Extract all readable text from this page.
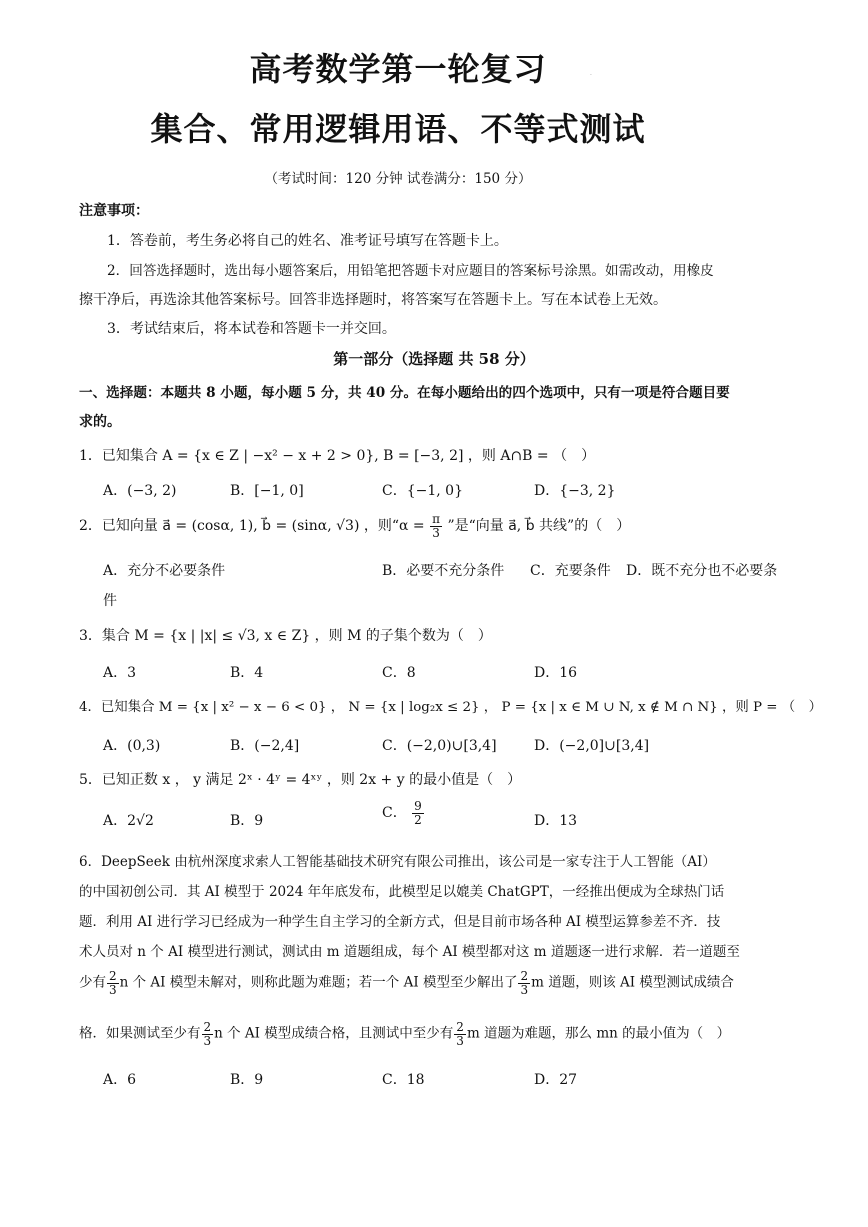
高考数学第一轮复习	·
集合、常用逻辑用语、不等式测试
（考试时间：120 分钟 试卷满分：150 分）
注意事项：
1．答卷前，考生务必将自己的姓名、准考证号填写在答题卡上。
2．回答选择题时，选出每小题答案后，用铅笔把答题卡对应题目的答案标号涂黑。如需改动，用橡皮
擦干净后，再选涂其他答案标号。回答非选择题时，将答案写在答题卡上。写在本试卷上无效。
3．考试结束后，将本试卷和答题卡一并交回。
第一部分（选择题 共 58 分）
一、选择题：本题共 8 小题，每小题 5 分，共 40 分。在每小题给出的四个选项中，只有一项是符合题目要
求的。
1．已知集合 A = {x ∈ Z | −x² − x + 2 > 0}, B = [−3, 2] ，则 A∩B = （　）
A．(−3, 2)	B．[−1, 0]	C．{−1, 0}	D．{−3, 2}
2．已知向量 a⃗ = (cosα, 1), b⃗ = (sinα, √3) ，则“$\alpha = \frac{\pi}{3}$ ”是“向量 a⃗, b⃗ 共线”的（　）
A．充分不必要条件	B．必要不充分条件 C．充要条件 D．既不充分也不必要条
件
3．集合 M = {x | |x| ≤ √3, x ∈ Z} ，则 M 的子集个数为（　）
A．3	B．4	C．8	D．16
4．已知集合 M = {x | x² − x − 6 < 0} ， N = {x | log₂x ≤ 2} ， P = {x | x ∈ M ∪ N, x ∉ M ∩ N} ，则 P = （　）
A．(0,3)	B．(−2,4]	C．(−2,0)∪[3,4]	D．(−2,0]∪[3,4]
5．已知正数 x ， y 满足 2ˣ · 4ʸ = 4ˣʸ ，则 2x + y 的最小值是（　）
A．2√2	B．9	C． $\frac{9}{2}$	D．13
6．DeepSeek 由杭州深度求索人工智能基础技术研究有限公司推出，该公司是一家专注于人工智能（AI）
的中国初创公司．其 AI 模型于 2024 年年底发布，此模型足以媲美 ChatGPT，一经推出便成为全球热门话
题．利用 AI 进行学习已经成为一种学生自主学习的全新方式，但是目前市场各种 AI 模型运算参差不齐．技
术人员对 n 个 AI 模型进行测试，测试由 m 道题组成，每个 AI 模型都对这 m 道题逐一进行求解．若一道题至
少有 $\frac{2}{3}$ n 个 AI 模型未解对，则称此题为难题；若一个 AI 模型至少解出了 $\frac{2}{3}$ m 道题，则该 AI 模型测试成绩合
格．如果测试至少有 $\frac{2}{3}$ n 个 AI 模型成绩合格，且测试中至少有 $\frac{2}{3}$ m 道题为难题，那么 mn 的最小值为（　）
A．6	B．9	C．18	D．27
